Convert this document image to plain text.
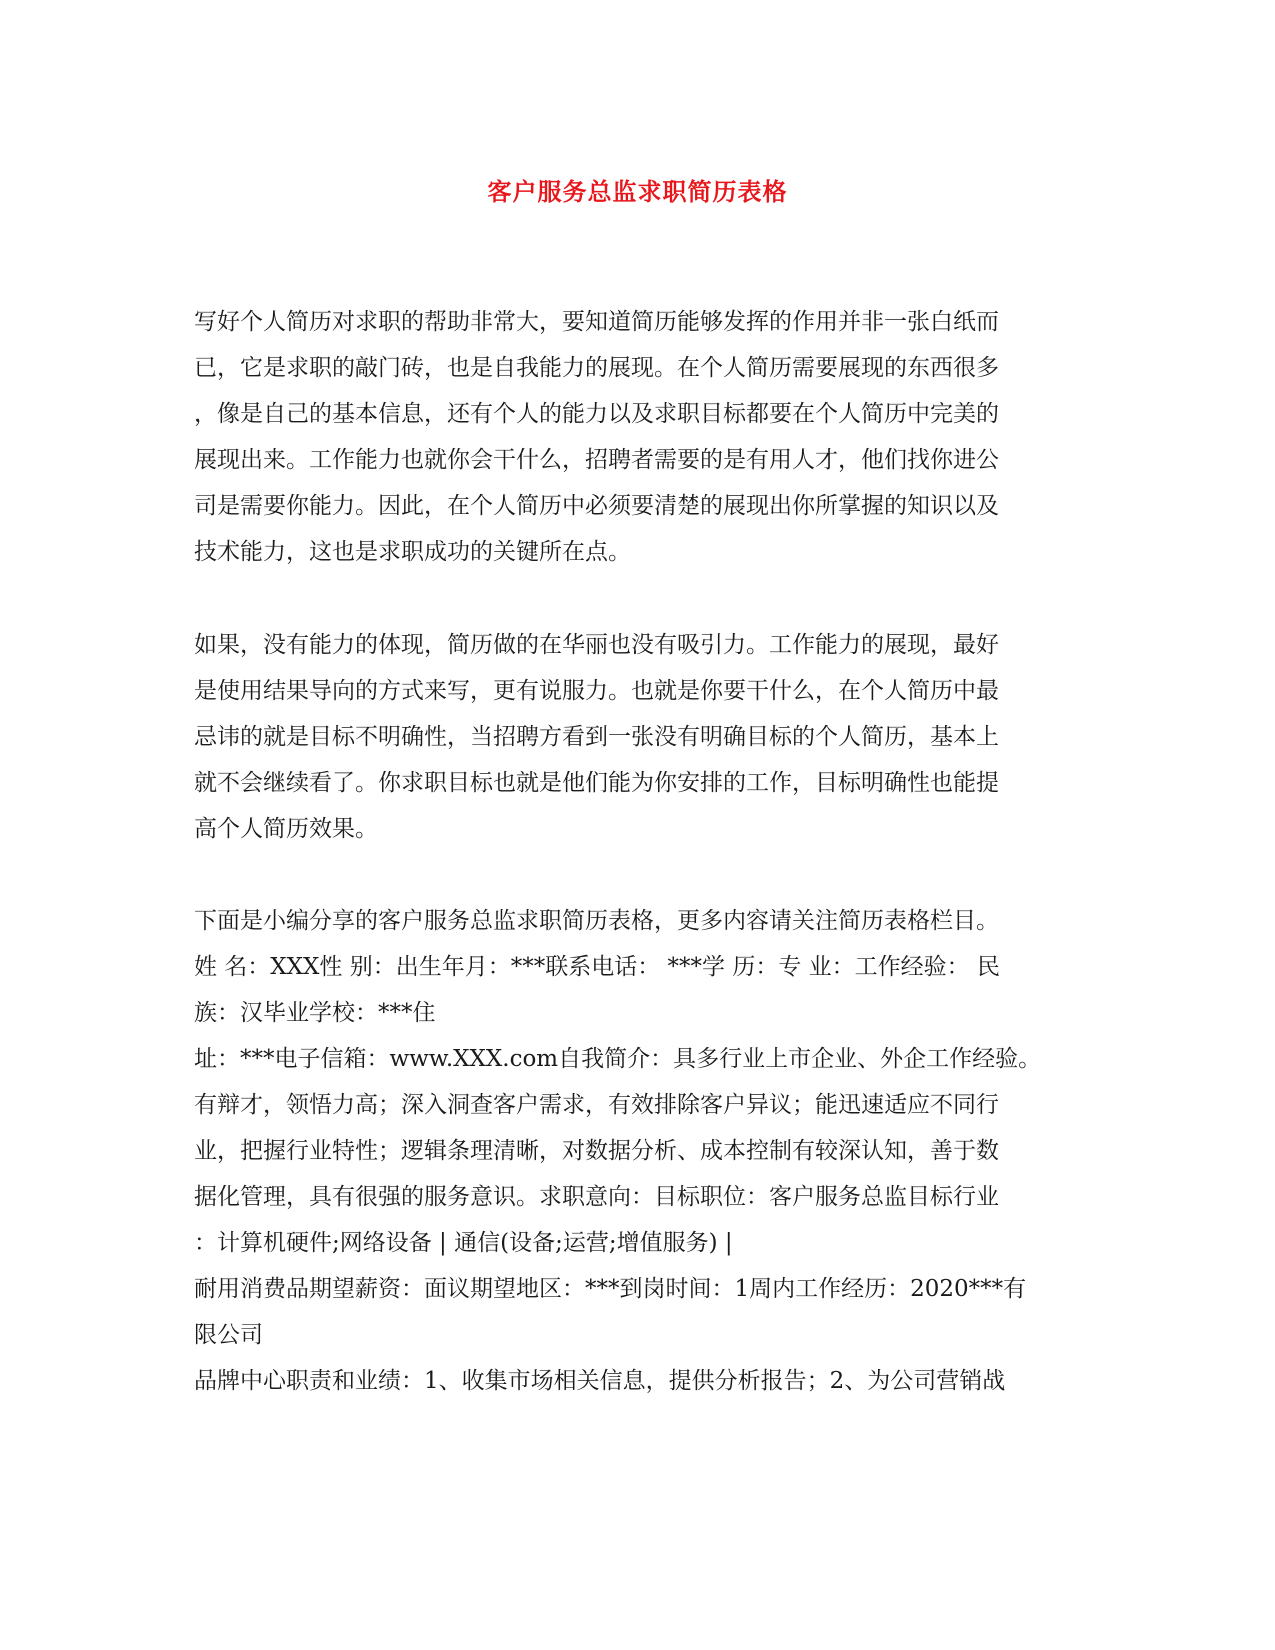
客户服务总监求职简历表格

写好个人简历对求职的帮助非常大，要知道简历能够发挥的作用并非一张白纸而

已，它是求职的敲门砖，也是自我能力的展现。在个人简历需要展现的东西很多

，像是自己的基本信息，还有个人的能力以及求职目标都要在个人简历中完美的

展现出来。工作能力也就你会干什么，招聘者需要的是有用人才，他们找你进公

司是需要你能力。因此，在个人简历中必须要清楚的展现出你所掌握的知识以及

技术能力，这也是求职成功的关键所在点。

如果，没有能力的体现，简历做的在华丽也没有吸引力。工作能力的展现，最好

是使用结果导向的方式来写，更有说服力。也就是你要干什么，在个人简历中最

忌讳的就是目标不明确性，当招聘方看到一张没有明确目标的个人简历，基本上

就不会继续看了。你求职目标也就是他们能为你安排的工作，目标明确性也能提

高个人简历效果。

下面是小编分享的客户服务总监求职简历表格，更多内容请关注简历表格栏目。

姓 名：XXX性 别：出生年月：***联系电话： ***学 历：专 业：工作经验： 民

族：汉毕业学校：***住

址：***电子信箱：www.XXX.com自我简介：具多行业上市企业、外企工作经验。

有辩才，领悟力高；深入洞查客户需求，有效排除客户异议；能迅速适应不同行

业，把握行业特性；逻辑条理清晰，对数据分析、成本控制有较深认知，善于数

据化管理，具有很强的服务意识。求职意向：目标职位：客户服务总监目标行业

：计算机硬件;网络设备 | 通信(设备;运营;增值服务) |

耐用消费品期望薪资：面议期望地区：***到岗时间：1周内工作经历：2020***有

限公司

品牌中心职责和业绩：1、收集市场相关信息，提供分析报告；2、为公司营销战
